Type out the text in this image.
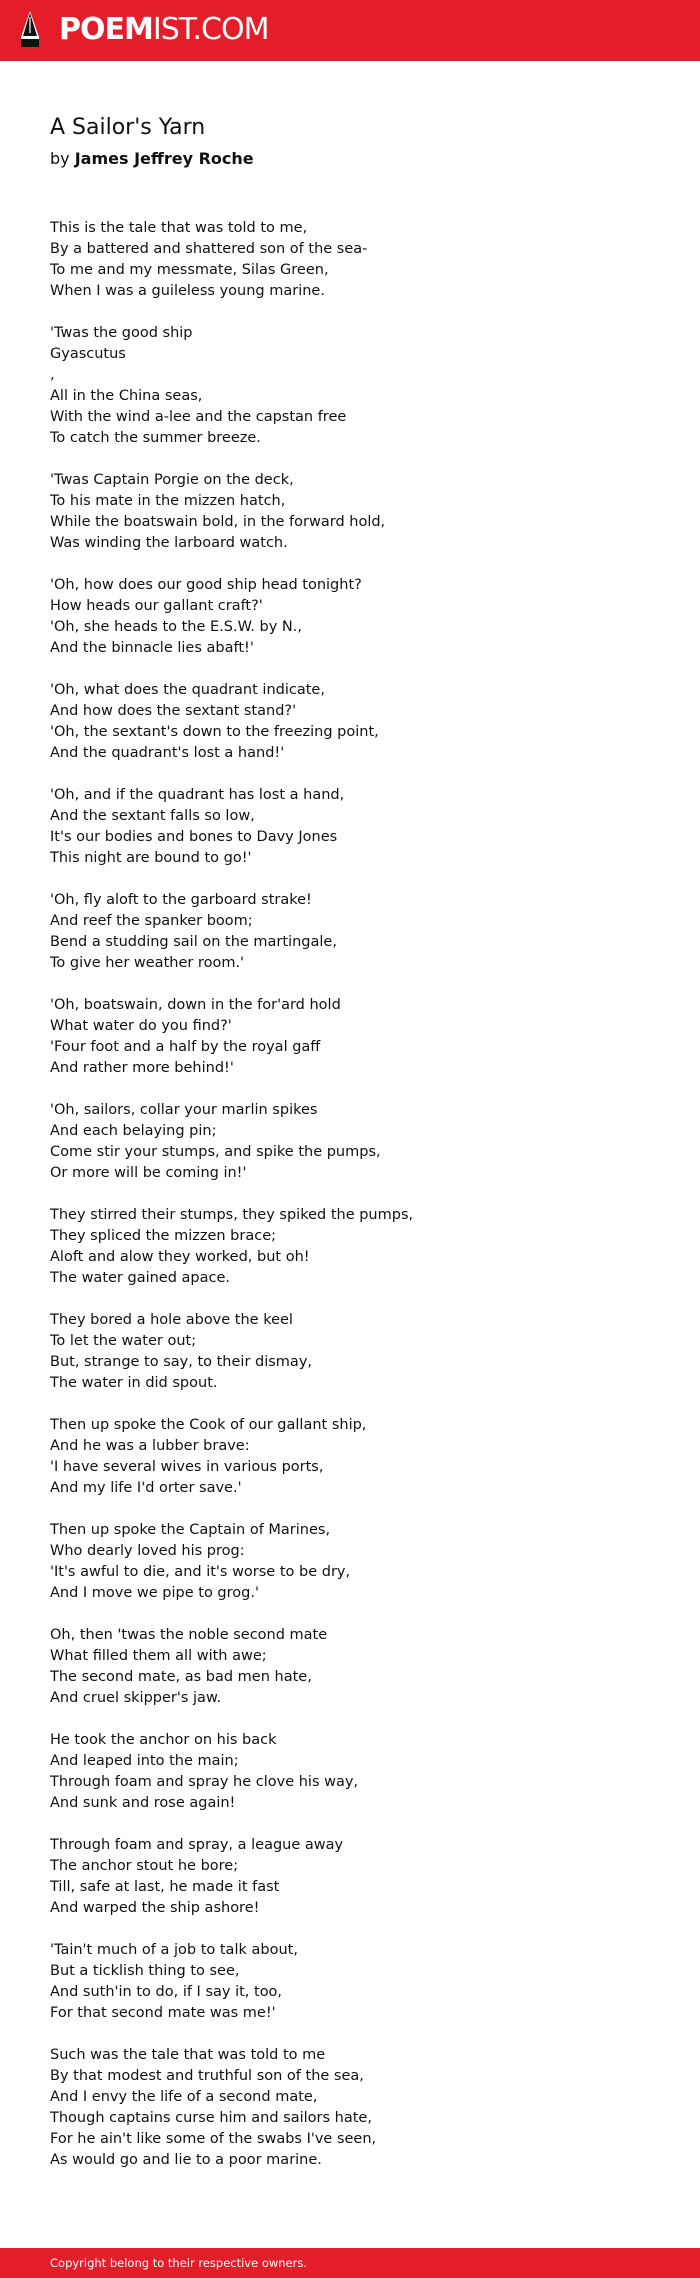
POEMIST.COM
A Sailor's Yarn
by James Jeffrey Roche
This is the tale that was told to me,
By a battered and shattered son of the sea-
To me and my messmate, Silas Green,
When I was a guileless young marine.
'Twas the good ship
Gyascutus
,
All in the China seas,
With the wind a-lee and the capstan free
To catch the summer breeze.
'Twas Captain Porgie on the deck,
To his mate in the mizzen hatch,
While the boatswain bold, in the forward hold,
Was winding the larboard watch.
'Oh, how does our good ship head tonight?
How heads our gallant craft?'
'Oh, she heads to the E.S.W. by N.,
And the binnacle lies abaft!'
'Oh, what does the quadrant indicate,
And how does the sextant stand?'
'Oh, the sextant's down to the freezing point,
And the quadrant's lost a hand!'
'Oh, and if the quadrant has lost a hand,
And the sextant falls so low,
It's our bodies and bones to Davy Jones
This night are bound to go!'
'Oh, fly aloft to the garboard strake!
And reef the spanker boom;
Bend a studding sail on the martingale,
To give her weather room.'
'Oh, boatswain, down in the for'ard hold
What water do you find?'
'Four foot and a half by the royal gaff
And rather more behind!'
'Oh, sailors, collar your marlin spikes
And each belaying pin;
Come stir your stumps, and spike the pumps,
Or more will be coming in!'
They stirred their stumps, they spiked the pumps,
They spliced the mizzen brace;
Aloft and alow they worked, but oh!
The water gained apace.
They bored a hole above the keel
To let the water out;
But, strange to say, to their dismay,
The water in did spout.
Then up spoke the Cook of our gallant ship,
And he was a lubber brave:
'I have several wives in various ports,
And my life I'd orter save.'
Then up spoke the Captain of Marines,
Who dearly loved his prog:
'It's awful to die, and it's worse to be dry,
And I move we pipe to grog.'
Oh, then 'twas the noble second mate
What filled them all with awe;
The second mate, as bad men hate,
And cruel skipper's jaw.
He took the anchor on his back
And leaped into the main;
Through foam and spray he clove his way,
And sunk and rose again!
Through foam and spray, a league away
The anchor stout he bore;
Till, safe at last, he made it fast
And warped the ship ashore!
'Tain't much of a job to talk about,
But a ticklish thing to see,
And suth'in to do, if I say it, too,
For that second mate was me!'
Such was the tale that was told to me
By that modest and truthful son of the sea,
And I envy the life of a second mate,
Though captains curse him and sailors hate,
For he ain't like some of the swabs I've seen,
As would go and lie to a poor marine.
Copyright belong to their respective owners.
